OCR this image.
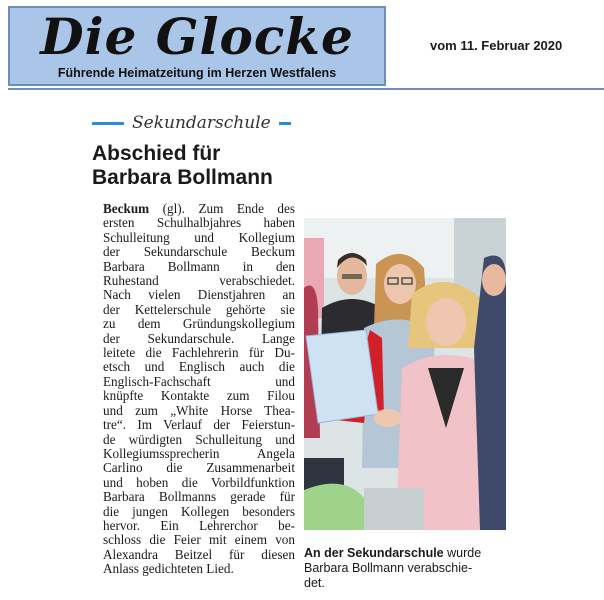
Die Glocke
Führende Heimatzeitung im Herzen Westfalens
vom 11. Februar 2020
Sekundarschule
Abschied für
Barbara Bollmann
Beckum (gl). Zum Ende des
ersten Schulhalbjahres haben
Schulleitung und Kollegium
der Sekundarschule Beckum
Barbara Bollmann in den
Ruhestand verabschiedet.
Nach vielen Dienstjahren an
der Kettelerschule gehörte sie
zu dem Gründungskollegium
der Sekundarschule. Lange
leitete die Fachlehrerin für Du-
etsch und Englisch auch die
Englisch-Fachschaft und
knüpfte Kontakte zum Filou
und zum „White Horse Thea-
tre“. Im Verlauf der Feierstun-
de würdigten Schulleitung und
Kollegiumssprecherin Angela
Carlino die Zusammenarbeit
und hoben die Vorbildfunktion
Barbara Bollmanns gerade für
die jungen Kollegen besonders
hervor. Ein Lehrerchor be-
schloss die Feier mit einem von
Alexandra Beitzel für diesen
Anlass gedichteten Lied.
An der Sekundarschule wurde
Barbara Bollmann verabschie-
det.
